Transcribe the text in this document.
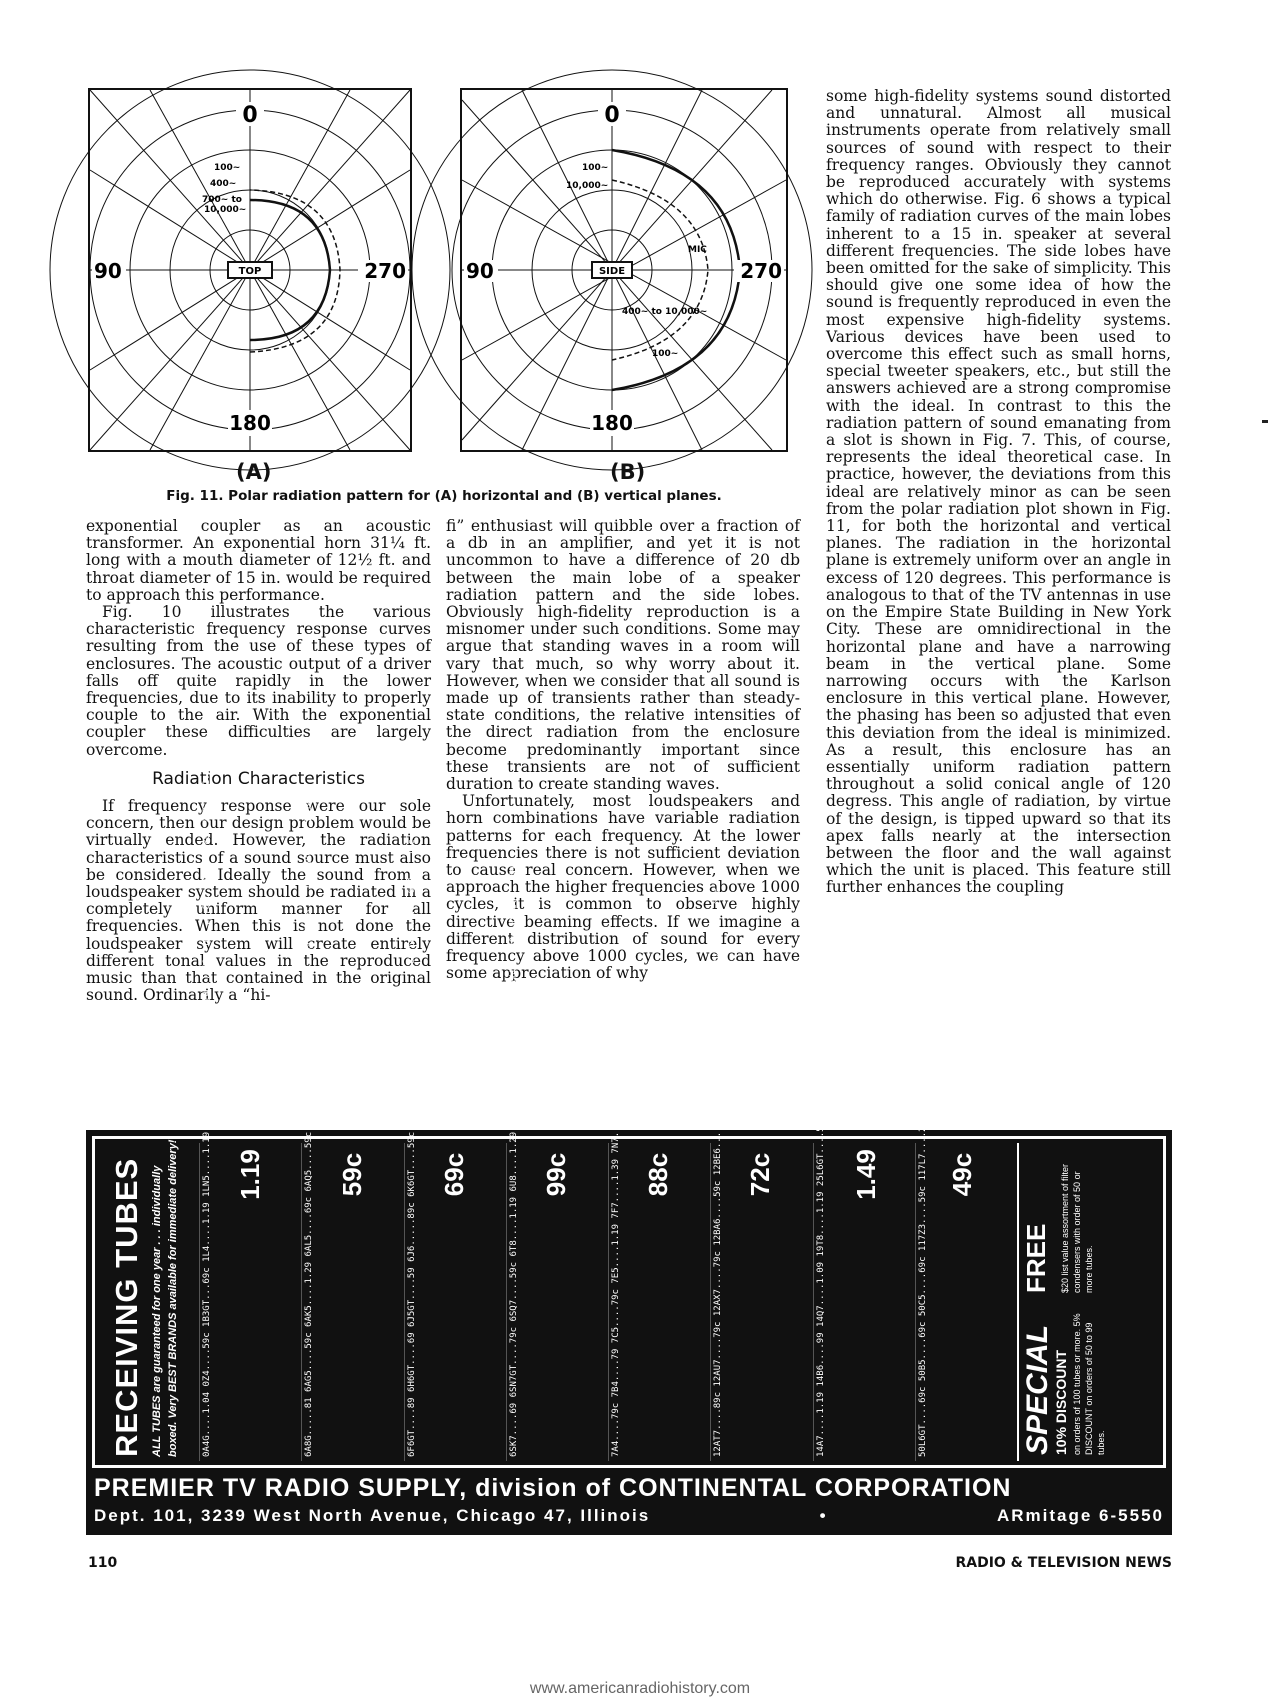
TOP
0
180
90	270
100~
400~
700~ to
10,000~
SIDE
0
180
90	270
100~
10,000~
400~ to 10,000~
100~
MIC
(A)	(B)
Fig. 11. Polar radiation pattern for (A) horizontal and (B) vertical planes.

exponential coupler as an acoustic transformer. An exponential horn 31¼ ft. long with a mouth diameter of 12½ ft. and throat diameter of 15 in. would be required to approach this performance.

Fig. 10 illustrates the various characteristic frequency response curves resulting from the use of these types of enclosures. The acoustic output of a driver falls off quite rapidly in the lower frequencies, due to its inability to properly couple to the air. With the exponential coupler these difficulties are largely overcome.

Radiation Characteristics

If frequency response were our sole concern, then our design problem would be virtually ended. However, the radiation characteristics of a sound source must also be considered. Ideally the sound from a loudspeaker system should be radiated in a completely uniform manner for all frequencies. When this is not done the loudspeaker system will create entirely different tonal values in the reproduced music than that contained in the original sound. Ordinarily a “hi-

fi” enthusiast will quibble over a fraction of a db in an amplifier, and yet it is not uncommon to have a difference of 20 db between the main lobe of a speaker radiation pattern and the side lobes. Obviously high-fidelity reproduction is a misnomer under such conditions. Some may argue that standing waves in a room will vary that much, so why worry about it. However, when we consider that all sound is made up of transients rather than steady-state conditions, the relative intensities of the direct radiation from the enclosure become predominantly important since these transients are not of sufficient duration to create standing waves.

Unfortunately, most loudspeakers and horn combinations have variable radiation patterns for each frequency. At the lower frequencies there is not sufficient deviation to cause real concern. However, when we approach the higher frequencies above 1000 cycles, it is common to observe highly directive beaming effects. If we imagine a different distribution of sound for every frequency above 1000 cycles, we can have some appreciation of why

some high-fidelity systems sound distorted and unnatural. Almost all musical instruments operate from relatively small sources of sound with respect to their frequency ranges. Obviously they cannot be reproduced accurately with systems which do otherwise. Fig. 6 shows a typical family of radiation curves of the main lobes inherent to a 15 in. speaker at several different frequencies. The side lobes have been omitted for the sake of simplicity. This should give one some idea of how the sound is frequently reproduced in even the most expensive high-fidelity systems. Various devices have been used to overcome this effect such as small horns, special tweeter speakers, etc., but still the answers achieved are a strong compromise with the ideal. In contrast to this the radiation pattern of sound emanating from a slot is shown in Fig. 7. This, of course, represents the ideal theoretical case. In practice, however, the deviations from this ideal are relatively minor as can be seen from the polar radiation plot shown in Fig. 11, for both the horizontal and vertical planes. The radiation in the horizontal plane is extremely uniform over an angle in excess of 120 degrees. This performance is analogous to that of the TV antennas in use on the Empire State Building in New York City. These are omnidirectional in the horizontal plane and have a narrowing beam in the vertical plane. Some narrowing occurs with the Karlson enclosure in this vertical plane. However, the phasing has been so adjusted that even this deviation from the ideal is minimized. As a result, this enclosure has an essentially uniform radiation pattern throughout a solid conical angle of 120 degress. This angle of radiation, by virtue of the design, is tipped upward so that its apex falls nearly at the intersection between the floor and the wall against which the unit is placed. This feature still further enhances the coupling

RECEIVING TUBES ALL TUBES are guaranteed for one year . . . individually boxed. Very BEST BRANDS available for immediate delivery!	0A4G....1.04 0Z4....59c 1B3GT...69c 1L4....1.19 1LN5....1.19 1R5....79c 1S4....69c 1T4....69c 1U4....69c 1X2A....89c 2A3....1.29	6A8G.....81 6AG5....59c 6AK5....1.29 6AL5....69c 6AQ5....59c 6AT6....59c 6AU6....69c 6BA6....69c 6BE6....69c 6BG6G...1.89	6F6GT....89 6H6GT....69 6J5GT....59 6J6.....89c 6K6GT....59c 6K7....59 6L6G....1.19 6N7....89 6Q7....69 6S4....79c	6SK7....69 6SN7GT....79c 6SQ7....59c 6T8....1.19 6U8....1.29 6V6GT....69c 6W4GT....59c 6X4....49c 6X5GT....59c	7A4....79c 7B4....79 7C5....79c 7E5....1.19 7F7....1.39 7N7....1.39 7X7....1.19 7Y4....69	12AT7....89c 12AU7....79c 12AX7....79c 12BA6....59c 12BE6....59c 12SA7....79c 12SK7....69c 12SN7GT....69c	14A7....1.19 14B6....99 14Q7....1.09 19T8....1.19 25L6GT....59c 25Z6GT....59c 35W4....49c 35Z5GT....49c	50L6GT....69c 50B5....69c 50C5....69c 117Z3....59c 117L7....2.49 117P7....2.49
1.19	59c	69c	99c	88c	72c	1.49	49c
SPECIAL 10% DISCOUNT on orders of 100 tubes or more. 5% DISCOUNT on orders of 50 to 99 tubes.
FREE $20 list value assortment of filter condensers with order of 50 or more tubes.
PREMIER TV RADIO SUPPLY, division of CONTINENTAL CORPORATION
Dept. 101, 3239 West North Avenue, Chicago 47, Illinois	•	ARmitage 6-5550
110	RADIO & TELEVISION NEWS
www.americanradiohistory.com
